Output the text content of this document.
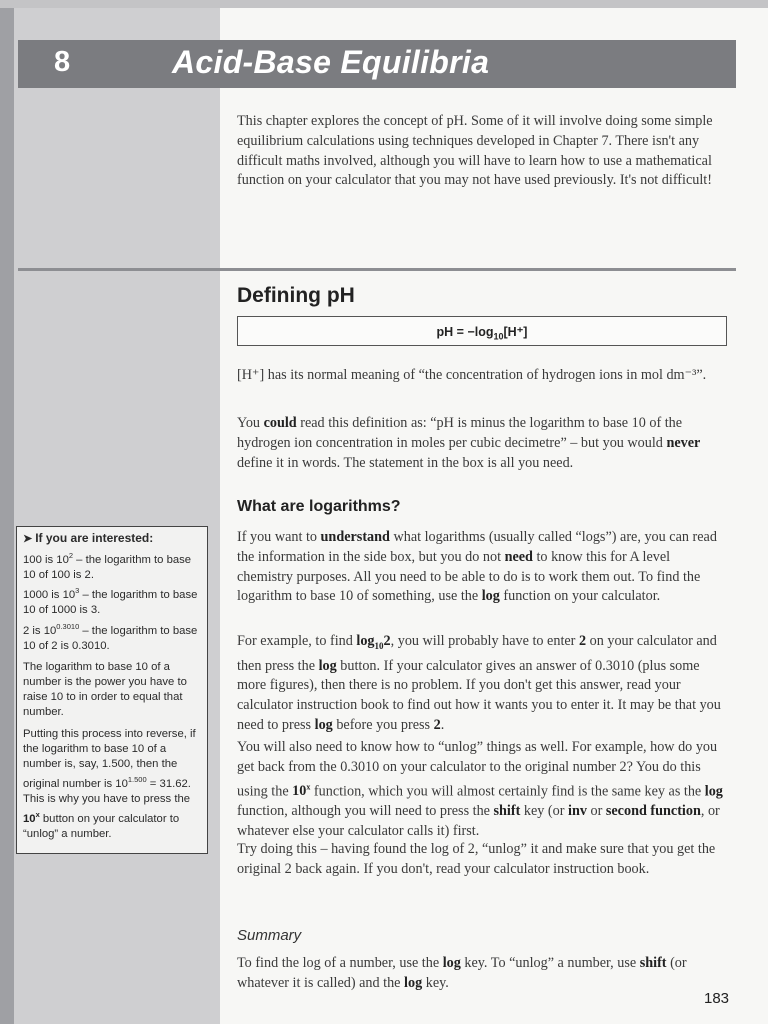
8	Acid-Base Equilibria

This chapter explores the concept of pH. Some of it will involve doing some simple equilibrium calculations using techniques developed in Chapter 7. There isn't any difficult maths involved, although you will have to learn how to use a mathematical function on your calculator that you may not have used previously. It's not difficult!

Defining pH
pH = $-\log_{10}[H^+]$

[H⁺] has its normal meaning of “the concentration of hydrogen ions in mol dm⁻³”.

You could read this definition as: “pH is minus the logarithm to base 10 of the hydrogen ion concentration in moles per cubic decimetre” – but you would never define it in words. The statement in the box is all you need.

What are logarithms?

If you want to understand what logarithms (usually called “logs”) are, you can read the information in the side box, but you do not need to know this for A level chemistry purposes. All you need to be able to do is to work them out. To find the logarithm to base 10 of something, use the log function on your calculator.

For example, to find $\log_{10}2$, you will probably have to enter 2 on your calculator and then press the log button. If your calculator gives an answer of 0.3010 (plus some more figures), then there is no problem. If you don't get this answer, read your calculator instruction book to find out how it wants you to enter it. It may be that you need to press log before you press 2.

You will also need to know how to “unlog” things as well. For example, how do you get back from the 0.3010 on your calculator to the original number 2? You do this using the 10$^x$ function, which you will almost certainly find is the same key as the log function, although you will need to press the shift key (or inv or second function, or whatever else your calculator calls it) first.

Try doing this – having found the log of 2, “unlog” it and make sure that you get the original 2 back again. If you don't, read your calculator instruction book.

Summary

To find the log of a number, use the log key. To “unlog” a number, use shift (or whatever it is called) and the log key.

183

➤ If you are interested:

100 is $10^2$ – the logarithm to base 10 of 100 is 2.

1000 is $10^3$ – the logarithm to base 10 of 1000 is 3.

2 is $10^{0.3010}$ – the logarithm to base 10 of 2 is 0.3010.

The logarithm to base 10 of a number is the power you have to raise 10 to in order to equal that number.

Putting this process into reverse, if the logarithm to base 10 of a number is, say, 1.500, then the original number is $10^{1.500} = 31.62$. This is why you have to press the 10$^x$ button on your calculator to “unlog” a number.
